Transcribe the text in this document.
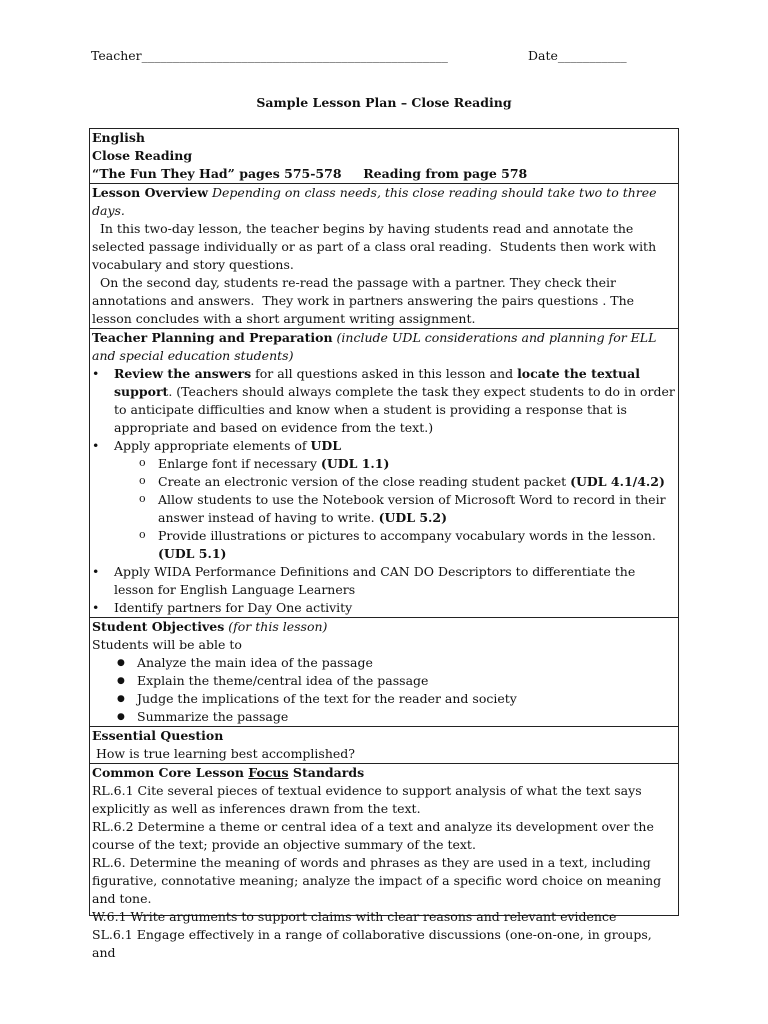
Teacher_________________________________________________	Date___________
Sample Lesson Plan – Close Reading

English

Close Reading

“The Fun They Had” pages 575-578     Reading from page 578

Lesson Overview Depending on class needs, this close reading should take two to three days.

In this two-day lesson, the teacher begins by having students read and annotate the selected passage individually or as part of a class oral reading.  Students then work with vocabulary and story questions.

On the second day, students re-read the passage with a partner. They check their annotations and answers.  They work in partners answering the pairs questions . The lesson concludes with a short argument writing assignment.

Teacher Planning and Preparation (include UDL considerations and planning for ELL and special education students)

• Review the answers for all questions asked in this lesson and locate the textual support. (Teachers should always complete the task they expect students to do in order to anticipate difficulties and know when a student is providing a response that is appropriate and based on evidence from the text.)
• Apply appropriate elements of UDL
o Enlarge font if necessary (UDL 1.1)
o Create an electronic version of the close reading student packet (UDL 4.1/4.2)
o Allow students to use the Notebook version of Microsoft Word to record in their answer instead of having to write. (UDL 5.2)
o Provide illustrations or pictures to accompany vocabulary words in the lesson.   (UDL 5.1)
• Apply WIDA Performance Definitions and CAN DO Descriptors to differentiate the lesson for English Language Learners
• Identify partners for Day One activity

Student Objectives (for this lesson)

Students will be able to

● Analyze the main idea of the passage
● Explain the theme/central idea of the passage
● Judge the implications of the text for the reader and society
● Summarize the passage

Essential Question

How is true learning best accomplished?

Common Core Lesson Focus Standards

RL.6.1 Cite several pieces of textual evidence to support analysis of what the text says explicitly as well as inferences drawn from the text.

RL.6.2 Determine a theme or central idea of a text and analyze its development over the course of the text; provide an objective summary of the text.

RL.6. Determine the meaning of words and phrases as they are used in a text, including figurative, connotative meaning; analyze the impact of a specific word choice on meaning and tone.

W.6.1 Write arguments to support claims with clear reasons and relevant evidence

SL.6.1 Engage effectively in a range of collaborative discussions (one-on-one, in groups, and
